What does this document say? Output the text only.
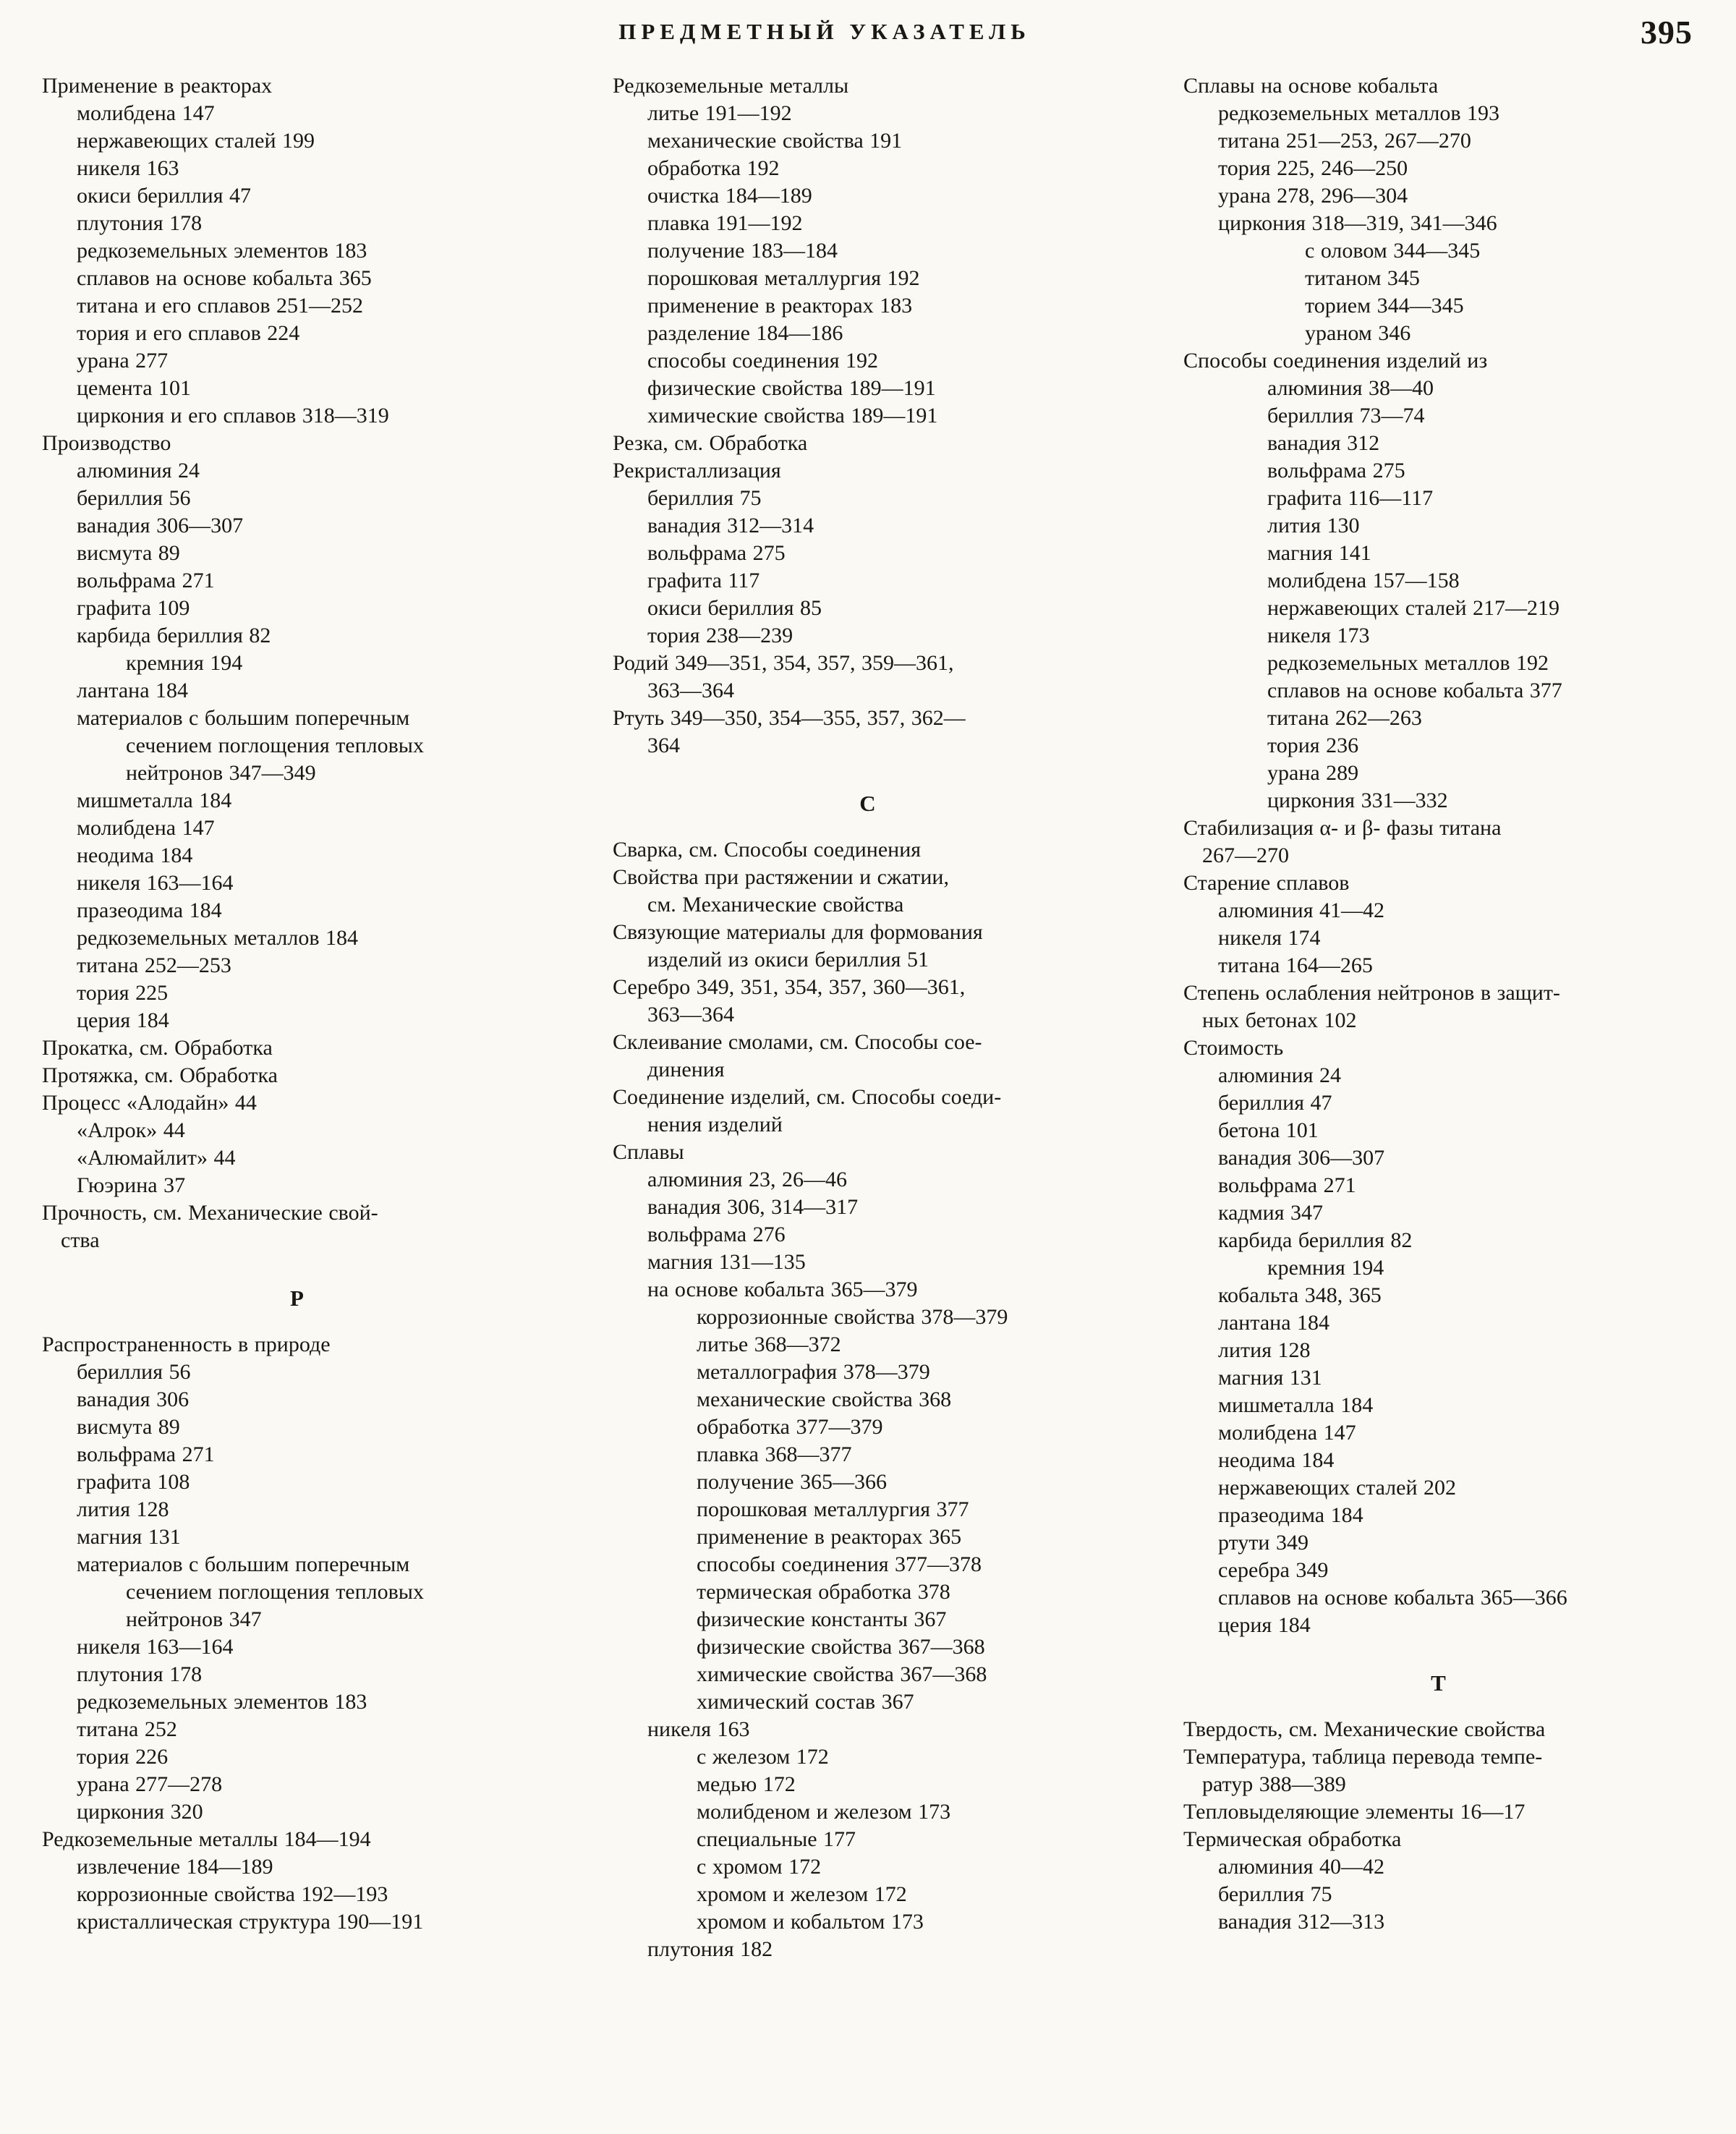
ПРЕДМЕТНЫЙ УКАЗАТЕЛЬ	395
Применение в реакторах
молибдена 147
нержавеющих сталей 199
никеля 163
окиси бериллия 47
плутония 178
редкоземельных элементов 183
сплавов на основе кобальта 365
титана и его сплавов 251—252
тория и его сплавов 224
урана 277
цемента 101
циркония и его сплавов 318—319
Производство
алюминия 24
бериллия 56
ванадия 306—307
висмута 89
вольфрама 271
графита 109
карбида бериллия 82
кремния 194
лантана 184
материалов с большим поперечным
сечением поглощения тепловых
нейтронов 347—349
мишметалла 184
молибдена 147
неодима 184
никеля 163—164
празеодима 184
редкоземельных металлов 184
титана 252—253
тория 225
церия 184
Прокатка, см. Обработка
Протяжка, см. Обработка
Процесс «Алодайн» 44
«Алрок» 44
«Алюмайлит» 44
Гюэрина 37
Прочность, см. Механические свой-
ства
Р
Распространенность в природе
бериллия 56
ванадия 306
висмута 89
вольфрама 271
графита 108
лития 128
магния 131
материалов с большим поперечным
сечением поглощения тепловых
нейтронов 347
никеля 163—164
плутония 178
редкоземельных элементов 183
титана 252
тория 226
урана 277—278
циркония 320
Редкоземельные металлы 184—194
извлечение 184—189
коррозионные свойства 192—193
кристаллическая структура 190—191
Редкоземельные металлы
литье 191—192
механические свойства 191
обработка 192
очистка 184—189
плавка 191—192
получение 183—184
порошковая металлургия 192
применение в реакторах 183
разделение 184—186
способы соединения 192
физические свойства 189—191
химические свойства 189—191
Резка, см. Обработка
Рекристаллизация
бериллия 75
ванадия 312—314
вольфрама 275
графита 117
окиси бериллия 85
тория 238—239
Родий 349—351, 354, 357, 359—361,
363—364
Ртуть 349—350, 354—355, 357, 362—
364
С
Сварка, см. Способы соединения
Свойства при растяжении и сжатии,
см. Механические свойства
Связующие материалы для формования
изделий из окиси бериллия 51
Серебро 349, 351, 354, 357, 360—361,
363—364
Склеивание смолами, см. Способы сое-
динения
Соединение изделий, см. Способы соеди-
нения изделий
Сплавы
алюминия 23, 26—46
ванадия 306, 314—317
вольфрама 276
магния 131—135
на основе кобальта 365—379
коррозионные свойства 378—379
литье 368—372
металлография 378—379
механические свойства 368
обработка 377—379
плавка 368—377
получение 365—366
порошковая металлургия 377
применение в реакторах 365
способы соединения 377—378
термическая обработка 378
физические константы 367
физические свойства 367—368
химические свойства 367—368
химический состав 367
никеля 163
с железом 172
медью 172
молибденом и железом 173
специальные 177
с хромом 172
хромом и железом 172
хромом и кобальтом 173
плутония 182
Сплавы на основе кобальта
редкоземельных металлов 193
титана 251—253, 267—270
тория 225, 246—250
урана 278, 296—304
циркония 318—319, 341—346
с оловом 344—345
титаном 345
торием 344—345
ураном 346
Способы соединения изделий из
алюминия 38—40
бериллия 73—74
ванадия 312
вольфрама 275
графита 116—117
лития 130
магния 141
молибдена 157—158
нержавеющих сталей 217—219
никеля 173
редкоземельных металлов 192
сплавов на основе кобальта 377
титана 262—263
тория 236
урана 289
циркония 331—332
Стабилизация α- и β- фазы титана
267—270
Старение сплавов
алюминия 41—42
никеля 174
титана 164—265
Степень ослабления нейтронов в защит-
ных бетонах 102
Стоимость
алюминия 24
бериллия 47
бетона 101
ванадия 306—307
вольфрама 271
кадмия 347
карбида бериллия 82
кремния 194
кобальта 348, 365
лантана 184
лития 128
магния 131
мишметалла 184
молибдена 147
неодима 184
нержавеющих сталей 202
празеодима 184
ртути 349
серебра 349
сплавов на основе кобальта 365—366
церия 184
Т
Твердость, см. Механические свойства
Температура, таблица перевода темпе-
ратур 388—389
Тепловыделяющие элементы 16—17
Термическая обработка
алюминия 40—42
бериллия 75
ванадия 312—313
